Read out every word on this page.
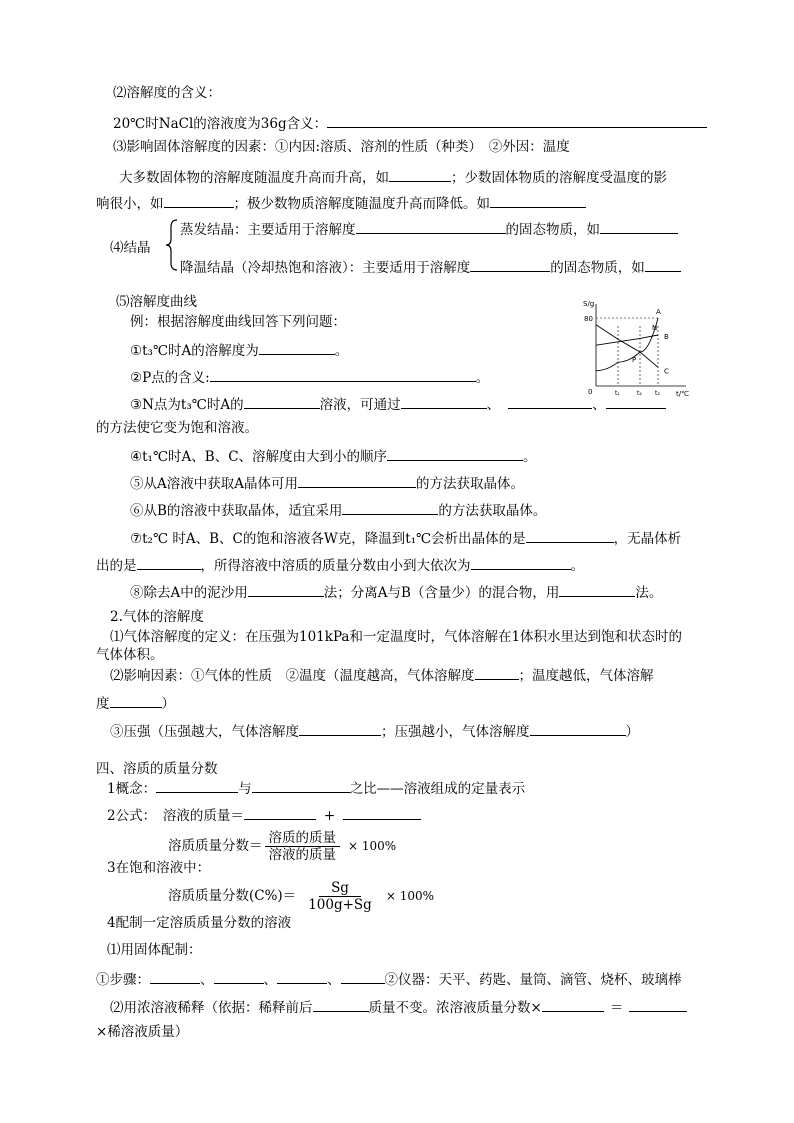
⑵溶解度的含义：
20℃时NaCl的溶液度为36g含义：
⑶影响固体溶解度的因素：①内因:溶质、溶剂的性质（种类）　②外因：温度
大多数固体物的溶解度随温度升高而升高，如	；少数固体物质的溶解度受温度的影
响很小，如	；极少数物质溶解度随温度升高而降低。如
⑷结晶
蒸发结晶：主要适用于溶解度	的固态物质，如
降温结晶（冷却热饱和溶液）：主要适用于溶解度	的固态物质，如
⑸溶解度曲线
例：根据溶解度曲线回答下列问题：
S/g
t/℃
80
0	t₁	t₂ t₃
A
B
C
N
P
①t₃℃时A的溶解度为	。
②P点的含义:	。
③N点为t₃℃时A的	溶液，可通过	、	、
的方法使它变为饱和溶液。
④t₁℃时A、B、C、溶解度由大到小的顺序	。
⑤从A溶液中获取A晶体可用	的方法获取晶体。
⑥从B的溶液中获取晶体，适宜采用	的方法获取晶体。
⑦t₂℃ 时A、B、C的饱和溶液各W克，降温到t₁℃会析出晶体的是	，无晶体析
出的是	，所得溶液中溶质的质量分数由小到大依次为	。
⑧除去A中的泥沙用	法；分离A与B（含量少）的混合物，用	法。
2.气体的溶解度
⑴气体溶解度的定义：在压强为101kPa和一定温度时，气体溶解在1体积水里达到饱和状态时的
气体体积。
⑵影响因素：①气体的性质　②温度（温度越高，气体溶解度	；温度越低，气体溶解
度	）
③压强（压强越大，气体溶解度	；压强越小，气体溶解度	）
四、溶质的质量分数
1概念：	与	之比——溶液组成的定量表示
2公式：　溶液的质量＝	+
溶质质量分数＝ $\frac{\text{溶质的质量}}{\text{溶液的质量}} \times 100\%$
3在饱和溶液中：
溶质质量分数$(C\%)= \frac{Sg}{100g+Sg} \times 100\%$
4配制一定溶质质量分数的溶液
⑴用固体配制：
①步骤：	、	、	、	②仪器：天平、药匙、量筒、滴管、烧杯、玻璃棒
⑵用浓溶液稀释（依据：稀释前后	质量不变。浓溶液质量分数×	＝
×稀溶液质量）
